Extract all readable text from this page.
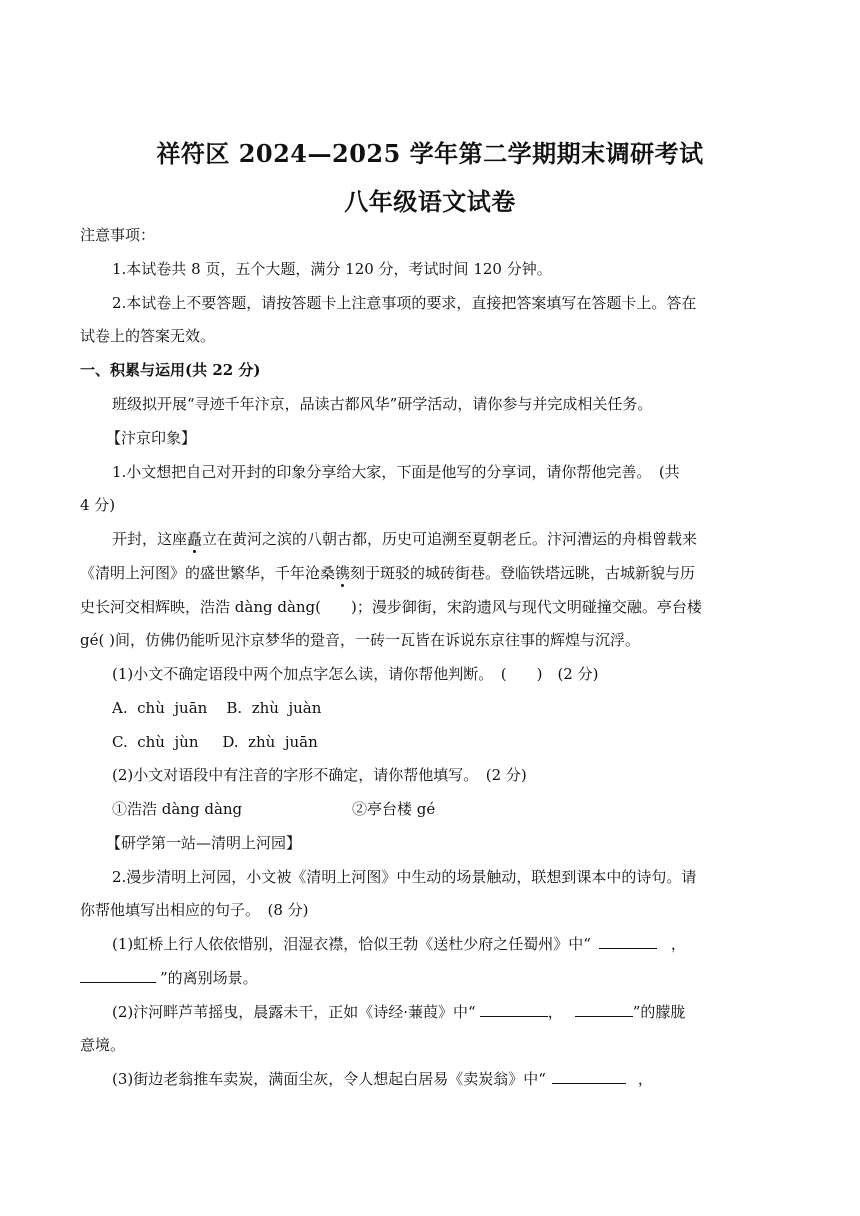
祥符区 2024—2025 学年第二学期期末调研考试
八年级语文试卷
注意事项：
1.本试卷共 8 页，五个大题，满分 120 分，考试时间 120 分钟。
2.本试卷上不要答题，请按答题卡上注意事项的要求，直接把答案填写在答题卡上。答在
试卷上的答案无效。
一、积累与运用(共 22 分)
班级拟开展“寻迹千年汴京，品读古都风华”研学活动，请你参与并完成相关任务。
【汴京印象】
1.小文想把自己对开封的印象分享给大家，下面是他写的分享词，请你帮他完善。　(共
4 分)
开封，这座矗立在黄河之滨的八朝古都，历史可追溯至夏朝老丘。汴河漕运的舟楫曾载来
《清明上河图》的盛世繁华，千年沧桑镌刻于斑驳的城砖街巷。登临铁塔远眺，古城新貌与历
史长河交相辉映，浩浩 dàng dàng(　　)；漫步御街，宋韵遗风与现代文明碰撞交融。亭台楼
gé( )间，仿佛仍能听见汴京梦华的跫音，一砖一瓦皆在诉说东京往事的辉煌与沉浮。
(1)小文不确定语段中两个加点字怎么读，请你帮他判断。　(　　)　(2 分)
A.  chù  juān    B.  zhù  juàn
C.  chù  jùn     D.  zhù  juān
(2)小文对语段中有注音的字形不确定，请你帮他填写。　(2 分)
①浩浩 dàng dàng	②亭台楼 gé
【研学第一站—清明上河园】
2.漫步清明上河园，小文被《清明上河图》中生动的场景触动，联想到课本中的诗句。请
你帮他填写出相应的句子。　(8 分)
(1)虹桥上行人依依惜别，泪湿衣襟，恰似王勃《送杜少府之任蜀州》中“	，
”的离别场景。
(2)汴河畔芦苇摇曳，晨露未干，正如《诗经·蒹葭》中“	，	”的朦胧
意境。
(3)街边老翁推车卖炭，满面尘灰，令人想起白居易《卖炭翁》中“	，
